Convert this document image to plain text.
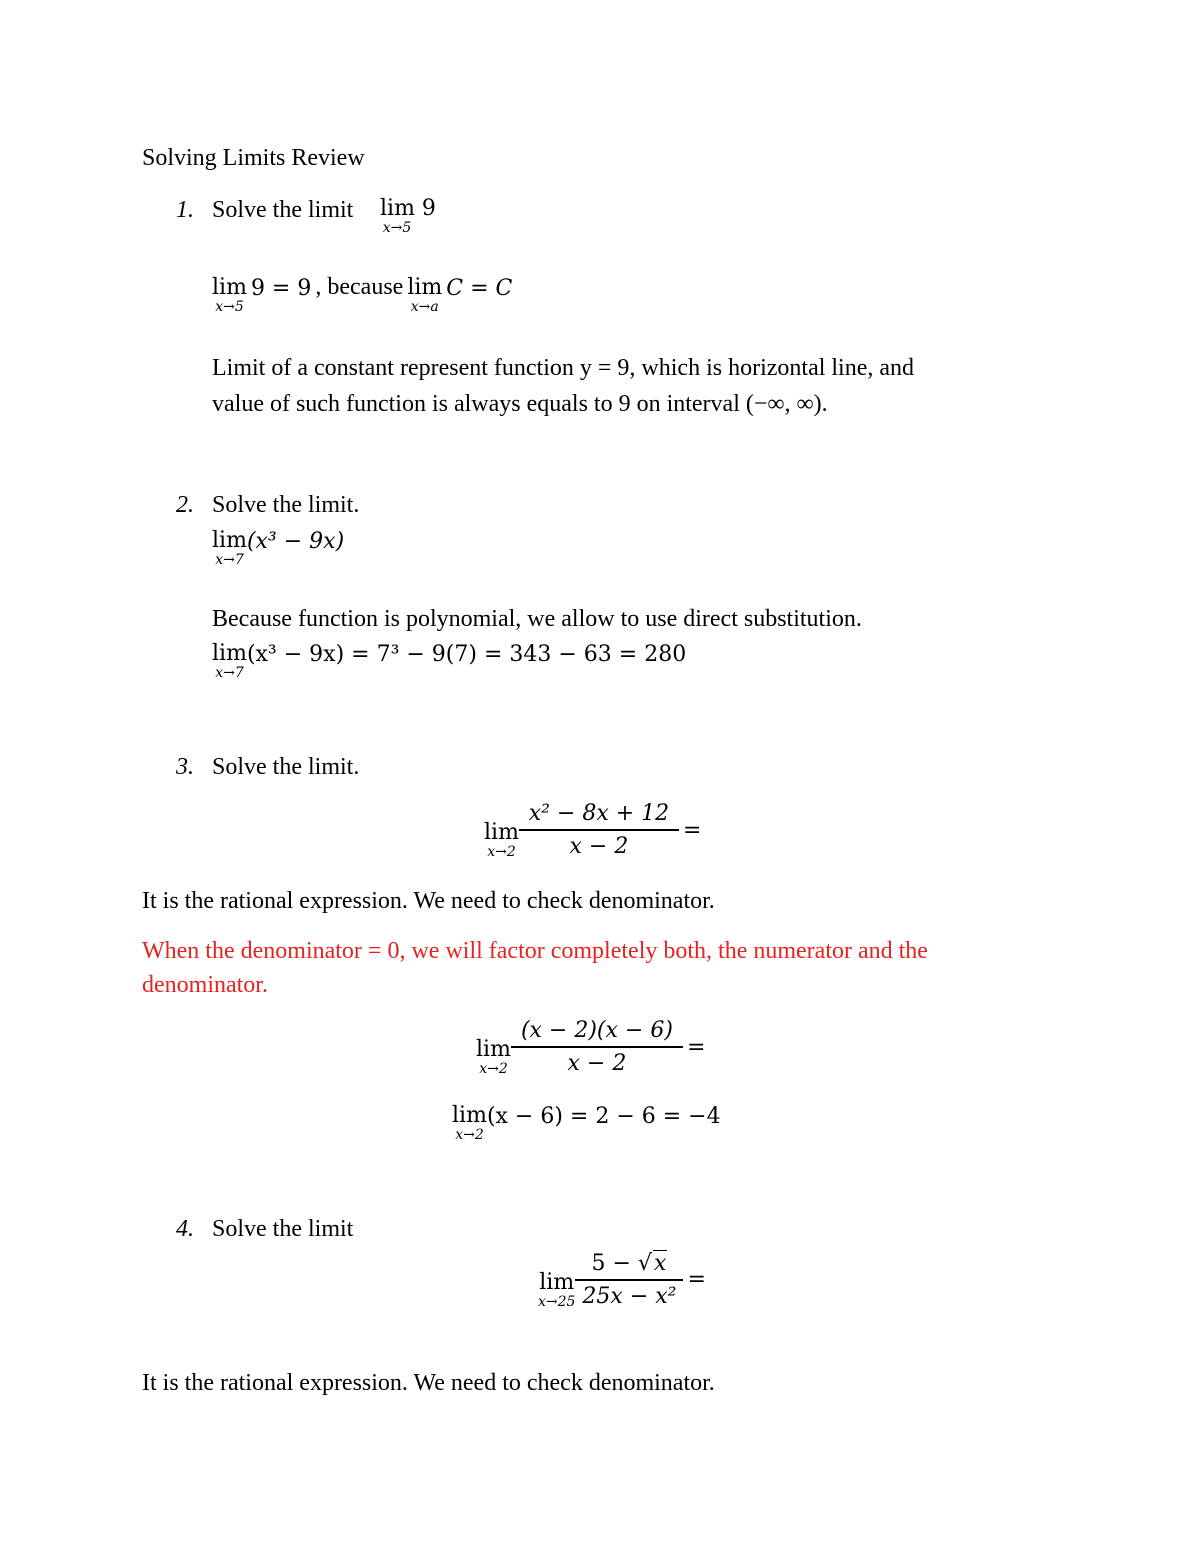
Solving Limits Review
1. Solve the limit lim 9
x→5
lim
x→5
9 = 9 , because lim
x→a
C = C
Limit of a constant represent function y = 9, which is horizontal line, and
value of such function is always equals to 9 on interval (−∞, ∞).
2. Solve the limit.
lim
x→7
(x³ − 9x)
Because function is polynomial, we allow to use direct substitution.
lim
x→7
(x³ − 9x) = 7³ − 9(7) = 343 − 63 = 280
3. Solve the limit.
lim
$x\to 2 \frac{\text{x² − 8x + 12}}{x - 2}$ =
It is the rational expression. We need to check denominator.
When the denominator = 0, we will factor completely both, the numerator and the
denominator.
lim
$x\to 2 \frac{(x - 2)(x - 6)}{x - 2}$ =
lim
x→2
(x − 6) = 2 − 6 = −4
4. Solve the limit
lim
$x\to 25 \frac{5 - √x}{\text{25x − x²}}$ =
It is the rational expression. We need to check denominator.
